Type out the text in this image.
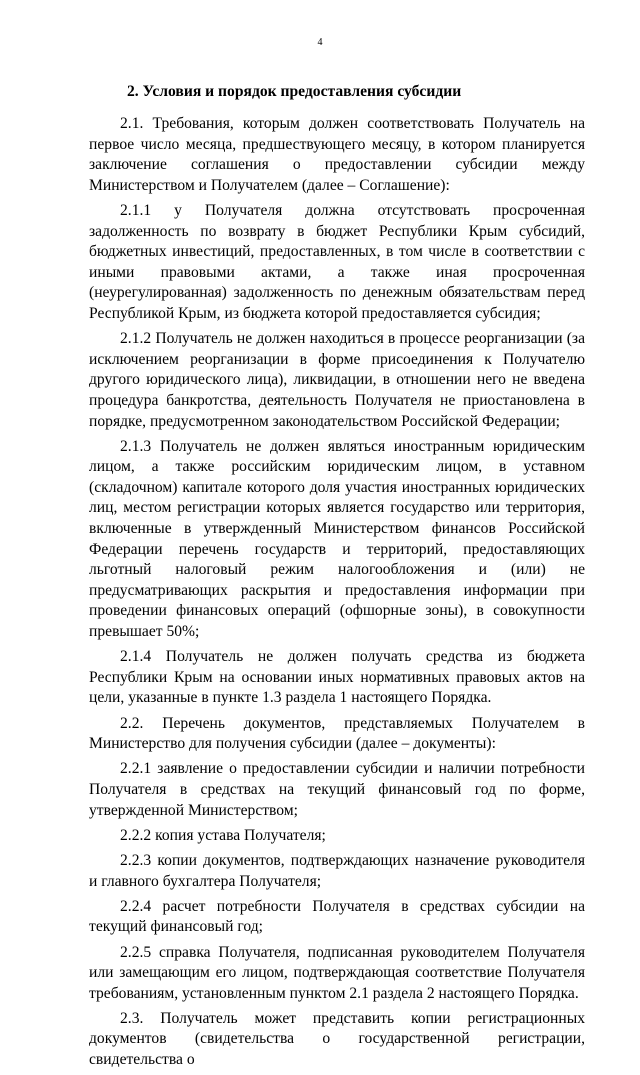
4
2. Условия и порядок предоставления субсидии

2.1. Требования, которым должен соответствовать Получатель на первое число месяца, предшествующего месяцу, в котором планируется заключение соглашения о предоставлении субсидии между Министерством и Получателем (далее – Соглашение):

2.1.1 у Получателя должна отсутствовать просроченная задолженность по возврату в бюджет Республики Крым субсидий, бюджетных инвестиций, предоставленных, в том числе в соответствии с иными правовыми актами, а также иная просроченная (неурегулированная) задолженность по денежным обязательствам перед Республикой Крым, из бюджета которой предоставляется субсидия;

2.1.2 Получатель не должен находиться в процессе реорганизации (за исключением реорганизации в форме присоединения к Получателю другого юридического лица), ликвидации, в отношении него не введена процедура банкротства, деятельность Получателя не приостановлена в порядке, предусмотренном законодательством Российской Федерации;

2.1.3 Получатель не должен являться иностранным юридическим лицом, а также российским юридическим лицом, в уставном (складочном) капитале которого доля участия иностранных юридических лиц, местом регистрации которых является государство или территория, включенные в утвержденный Министерством финансов Российской Федерации перечень государств и территорий, предоставляющих льготный налоговый режим налогообложения и (или) не предусматривающих раскрытия и предоставления информации при проведении финансовых операций (офшорные зоны), в совокупности превышает 50%;

2.1.4 Получатель не должен получать средства из бюджета Республики Крым на основании иных нормативных правовых актов на цели, указанные в пункте 1.3 раздела 1 настоящего Порядка.

2.2. Перечень документов, представляемых Получателем в Министерство для получения субсидии (далее – документы):

2.2.1 заявление о предоставлении субсидии и наличии потребности Получателя в средствах на текущий финансовый год по форме, утвержденной Министерством;

2.2.2 копия устава Получателя;

2.2.3 копии документов, подтверждающих назначение руководителя и главного бухгалтера Получателя;

2.2.4 расчет потребности Получателя в средствах субсидии на текущий финансовый год;

2.2.5 справка Получателя, подписанная руководителем Получателя или замещающим его лицом, подтверждающая соответствие Получателя требованиям, установленным пунктом 2.1 раздела 2 настоящего Порядка.

2.3. Получатель может представить копии регистрационных документов (свидетельства о государственной регистрации, свидетельства о
